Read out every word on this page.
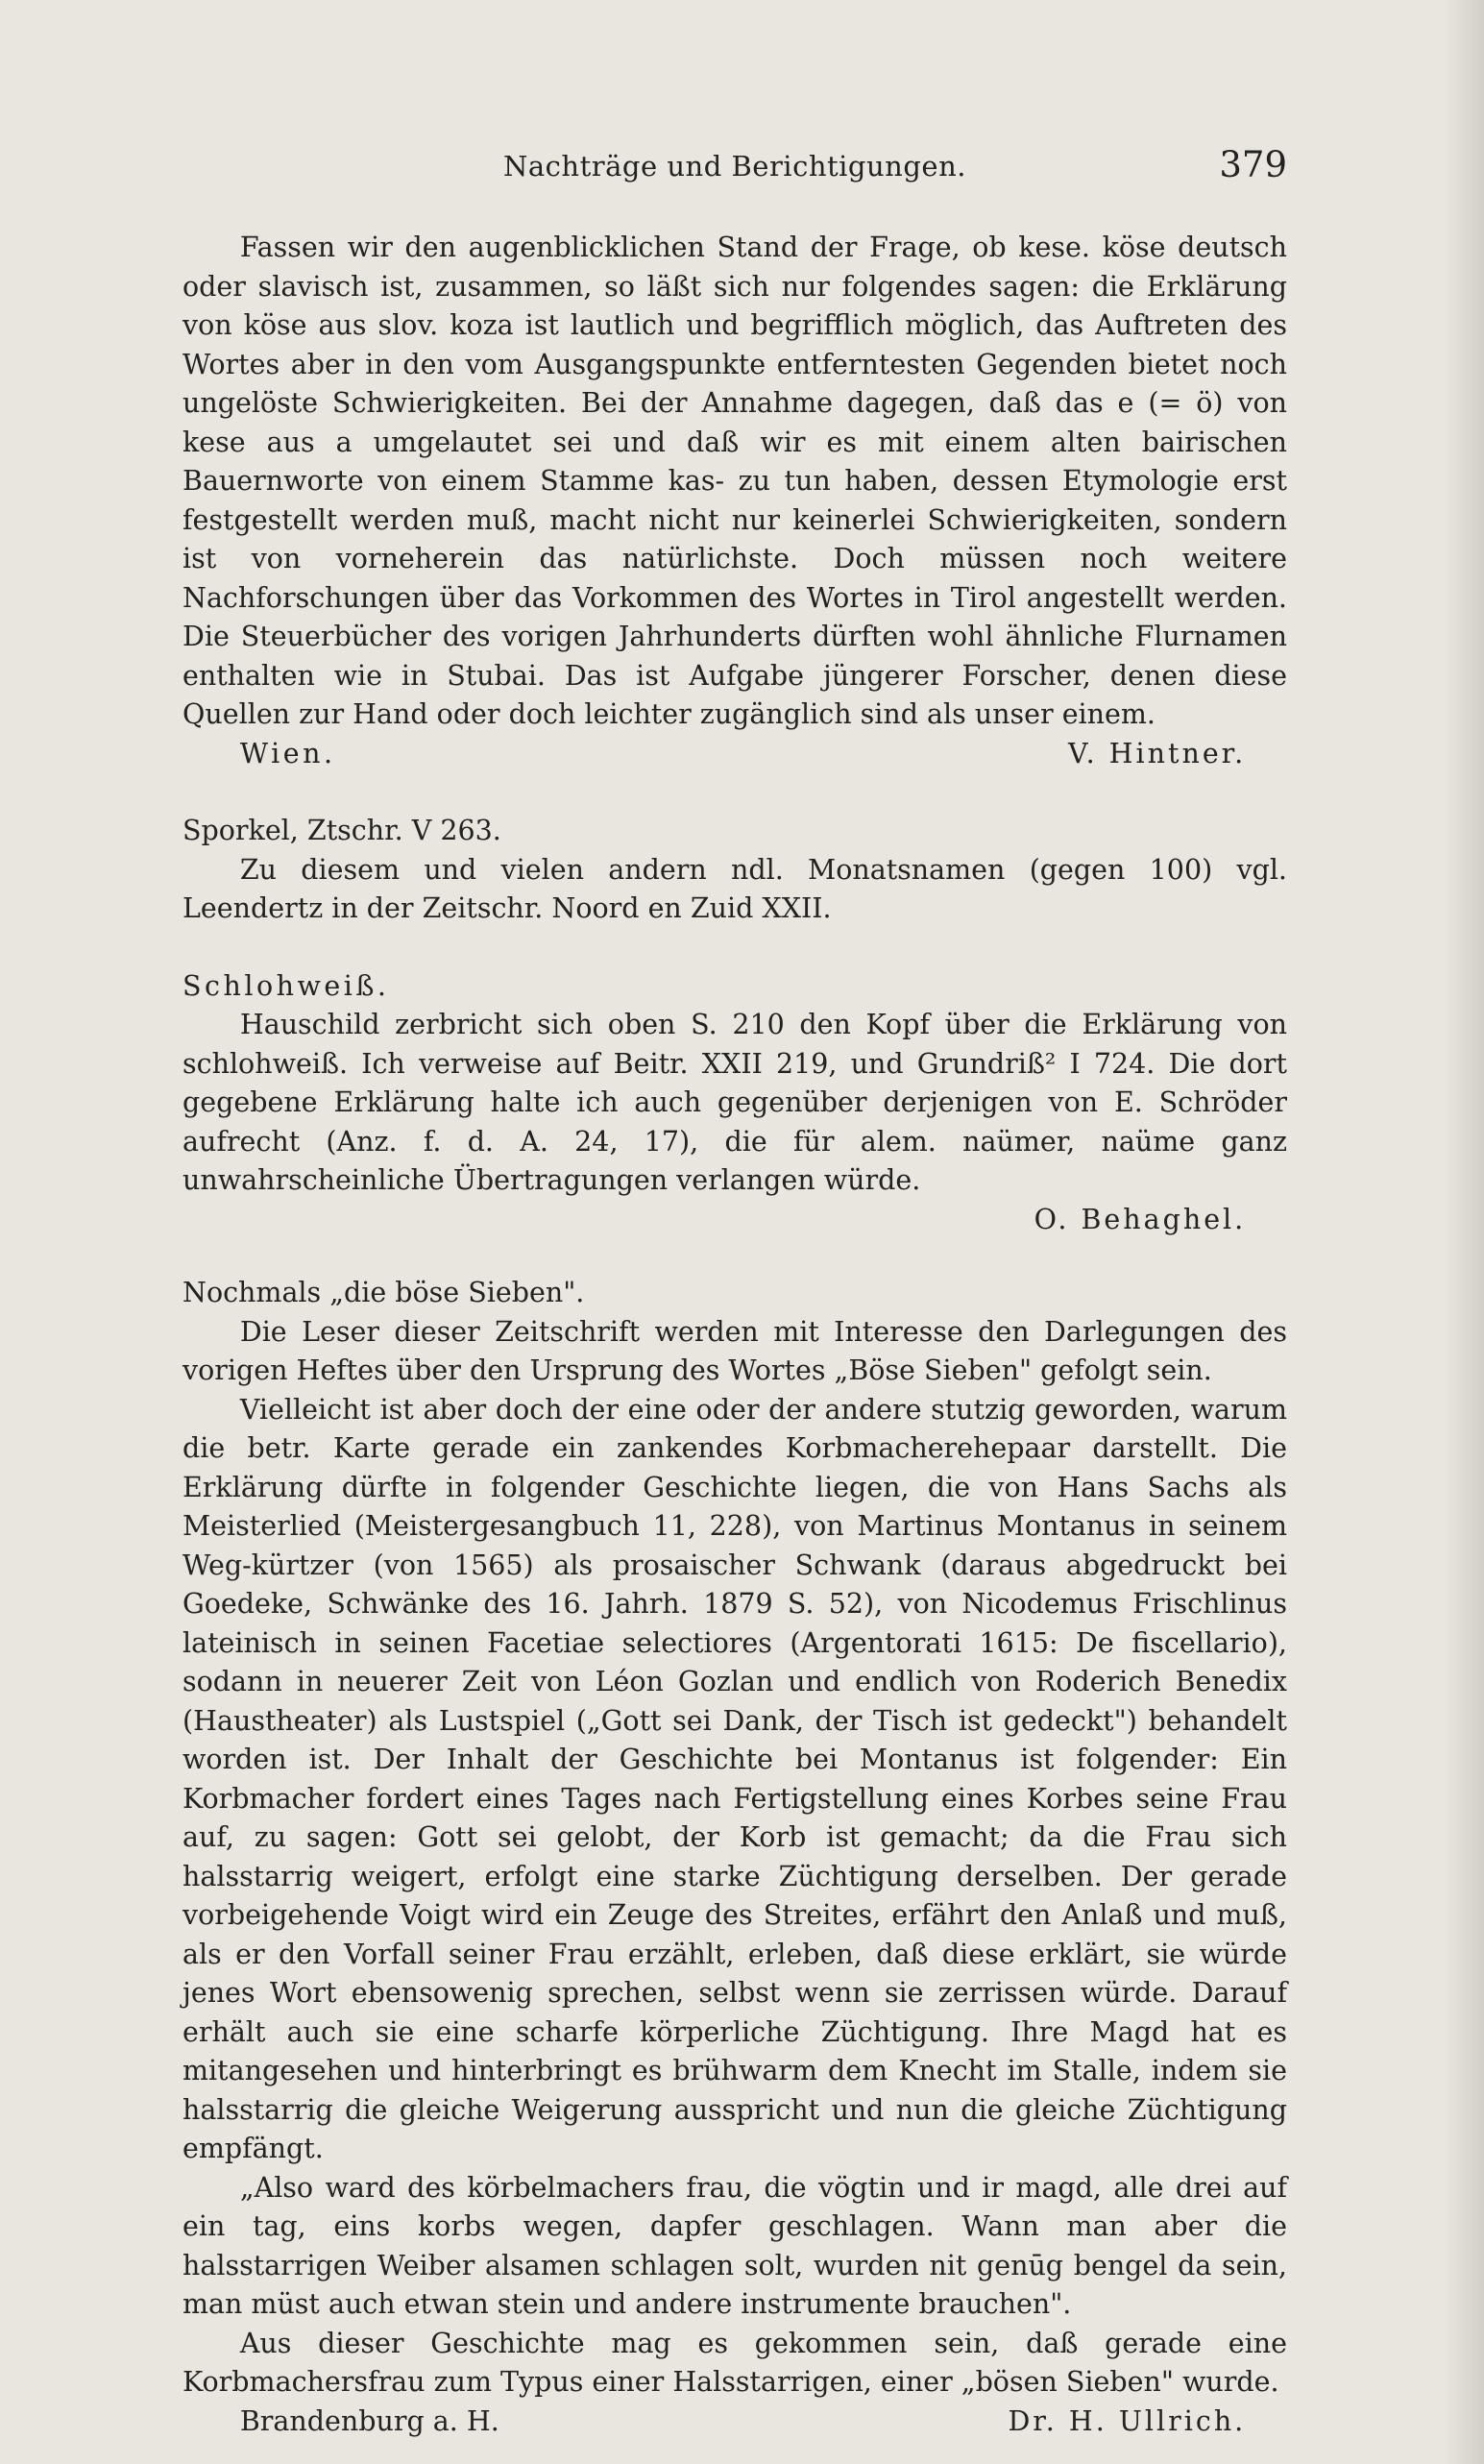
Nachträge und Berichtigungen.	379

Fassen wir den augenblicklichen Stand der Frage, ob kese. köse deutsch oder slavisch ist, zusammen, so läßt sich nur folgendes sagen: die Erklärung von köse aus slov. koza ist lautlich und begrifflich möglich, das Auftreten des Wortes aber in den vom Ausgangspunkte entferntesten Gegenden bietet noch ungelöste Schwierigkeiten. Bei der Annahme dagegen, daß das e (= ö) von kese aus a umgelautet sei und daß wir es mit einem alten bairischen Bauernworte von einem Stamme kas- zu tun haben, dessen Etymologie erst festgestellt werden muß, macht nicht nur keinerlei Schwierigkeiten, sondern ist von vorneherein das natürlichste. Doch müssen noch weitere Nachforschungen über das Vorkommen des Wortes in Tirol angestellt werden. Die Steuerbücher des vorigen Jahrhunderts dürften wohl ähnliche Flurnamen enthalten wie in Stubai. Das ist Aufgabe jüngerer Forscher, denen diese Quellen zur Hand oder doch leichter zugänglich sind als unser einem.

Wien.	V. Hintner.

Sporkel, Ztschr. V 263.

Zu diesem und vielen andern ndl. Monatsnamen (gegen 100) vgl. Leendertz in der Zeitschr. Noord en Zuid XXII.

Schlohweiß.

Hauschild zerbricht sich oben S. 210 den Kopf über die Erklärung von schlohweiß. Ich verweise auf Beitr. XXII 219, und Grundriß² I 724. Die dort gegebene Erklärung halte ich auch gegenüber derjenigen von E. Schröder aufrecht (Anz. f. d. A. 24, 17), die für alem. naümer, naüme ganz unwahrscheinliche Übertragungen verlangen würde.

O. Behaghel.

Nochmals „die böse Sieben".

Die Leser dieser Zeitschrift werden mit Interesse den Darlegungen des vorigen Heftes über den Ursprung des Wortes „Böse Sieben" gefolgt sein.

Vielleicht ist aber doch der eine oder der andere stutzig geworden, warum die betr. Karte gerade ein zankendes Korbmacherehepaar darstellt. Die Erklärung dürfte in folgender Geschichte liegen, die von Hans Sachs als Meisterlied (Meistergesangbuch 11, 228), von Martinus Montanus in seinem Weg-kürtzer (von 1565) als prosaischer Schwank (daraus abgedruckt bei Goedeke, Schwänke des 16. Jahrh. 1879 S. 52), von Nicodemus Frischlinus lateinisch in seinen Facetiae selectiores (Argentorati 1615: De fiscellario), sodann in neuerer Zeit von Léon Gozlan und endlich von Roderich Benedix (Haustheater) als Lustspiel („Gott sei Dank, der Tisch ist gedeckt") behandelt worden ist. Der Inhalt der Geschichte bei Montanus ist folgender: Ein Korbmacher fordert eines Tages nach Fertigstellung eines Korbes seine Frau auf, zu sagen: Gott sei gelobt, der Korb ist gemacht; da die Frau sich halsstarrig weigert, erfolgt eine starke Züchtigung derselben. Der gerade vorbeigehende Voigt wird ein Zeuge des Streites, erfährt den Anlaß und muß, als er den Vorfall seiner Frau erzählt, erleben, daß diese erklärt, sie würde jenes Wort ebensowenig sprechen, selbst wenn sie zerrissen würde. Darauf erhält auch sie eine scharfe körperliche Züchtigung. Ihre Magd hat es mitangesehen und hinterbringt es brühwarm dem Knecht im Stalle, indem sie halsstarrig die gleiche Weigerung ausspricht und nun die gleiche Züchtigung empfängt.

„Also ward des körbelmachers frau, die vögtin und ir magd, alle drei auf ein tag, eins korbs wegen, dapfer geschlagen. Wann man aber die halsstarrigen Weiber alsamen schlagen solt, wurden nit genūg bengel da sein, man müst auch etwan stein und andere instrumente brauchen".

Aus dieser Geschichte mag es gekommen sein, daß gerade eine Korbmachersfrau zum Typus einer Halsstarrigen, einer „bösen Sieben" wurde.

Brandenburg a. H.	Dr. H. Ullrich.
